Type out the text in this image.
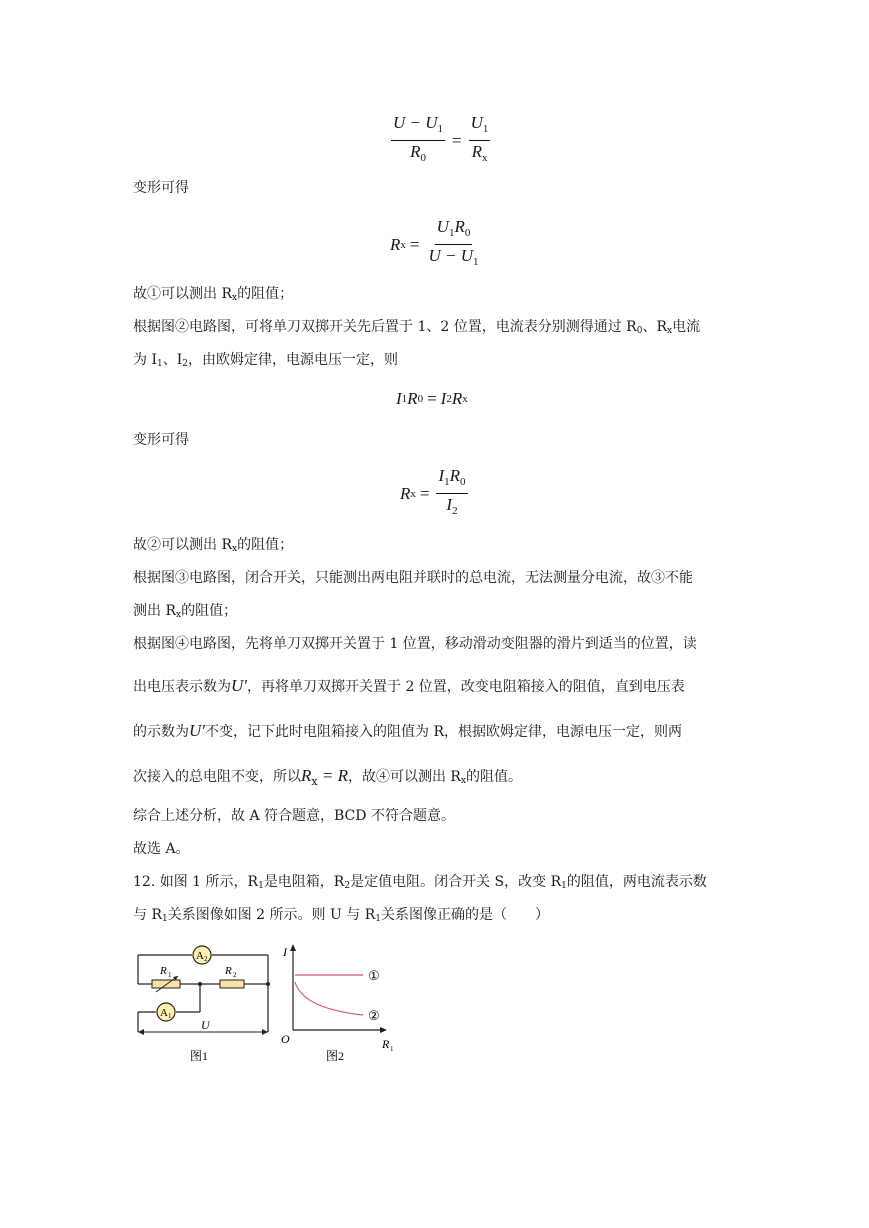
$\frac{U - U_1}{R_0} = \frac{U_1}{R_x}$
变形可得
R $x = \frac{U_1R_0}{U - U_1}$
故①可以测出 $R_x$的阻值；
根据图②电路图，可将单刀双掷开关先后置于 1、2 位置，电流表分别测得通过 $R_0$、$R_x$电流
为 $I_1$、$I_2$，由欧姆定律，电源电压一定，则
I 1 R 0 = I 2 R x
变形可得
R $x = \frac{I_1R_0}{I_2}$
故②可以测出 $R_x$的阻值；
根据图③电路图，闭合开关，只能测出两电阻并联时的总电流，无法测量分电流，故③不能
测出 $R_x$的阻值；
根据图④电路图，先将单刀双掷开关置于 1 位置，移动滑动变阻器的滑片到适当的位置，读
出电压表示数为U′，再将单刀双掷开关置于 2 位置，改变电阻箱接入的阻值，直到电压表
的示数为U′不变，记下此时电阻箱接入的阻值为 R，根据欧姆定律，电源电压一定，则两
次接入的总电阻不变，所以$R_x = R$，故④可以测出 $R_x$的阻值。
综合上述分析，故 A 符合题意，BCD 不符合题意。
故选 A。
12. 如图 1 所示，$R_1$是电阻箱，$R_2$是定值电阻。闭合开关 S，改变 $R_1$的阻值，两电流表示数
与 $R_1$关系图像如图 2 所示。则 U 与 $R_1$关系图像正确的是（　　）
A 2
R 1	R 2
A 1
U
图1
I
R 1
O
①
②
图2
